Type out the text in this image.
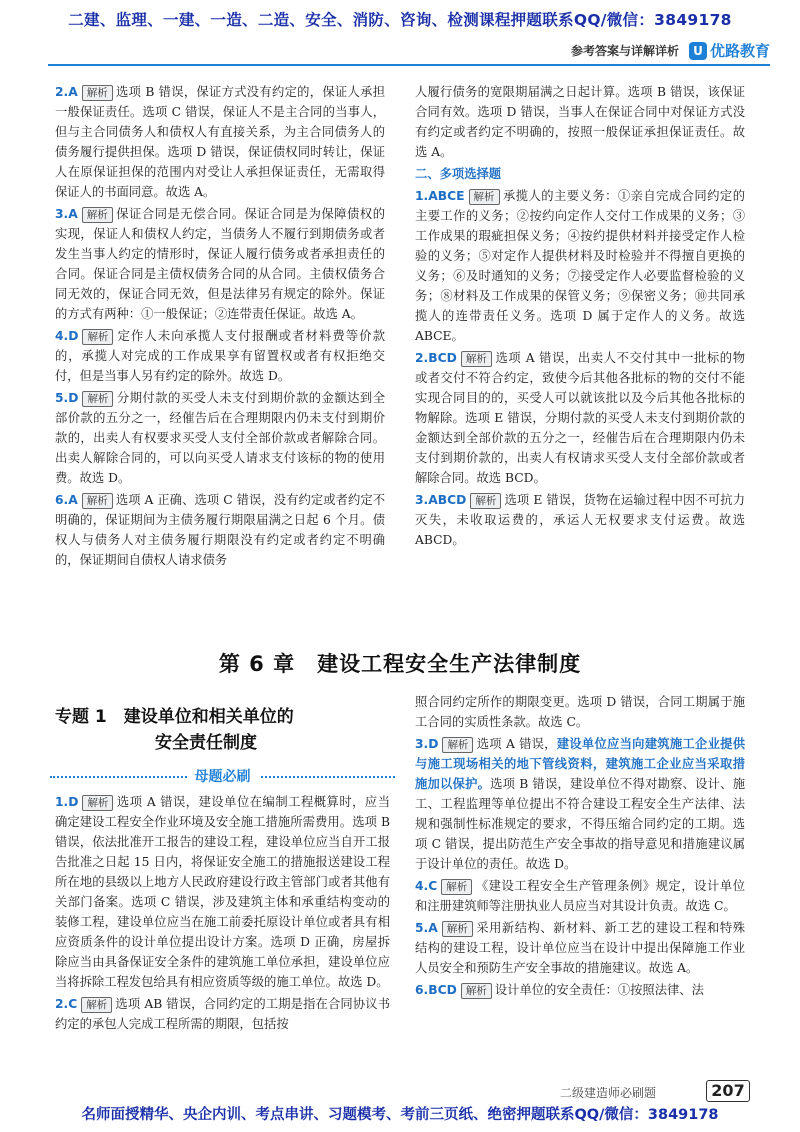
二建、监理、一建、一造、二造、安全、消防、咨询、检测课程押题联系QQ/微信：3849178
参考答案与详解详析	U 优路教育

2.A 解析 选项 B 错误，保证方式没有约定的，保证人承担一般保证责任。选项 C 错误，保证人不是主合同的当事人，但与主合同债务人和债权人有直接关系，为主合同债务人的债务履行提供担保。选项 D 错误，保证债权同时转让，保证人在原保证担保的范围内对受让人承担保证责任，无需取得保证人的书面同意。故选 A。

3.A 解析 保证合同是无偿合同。保证合同是为保障债权的实现，保证人和债权人约定，当债务人不履行到期债务或者发生当事人约定的情形时，保证人履行债务或者承担责任的合同。保证合同是主债权债务合同的从合同。主债权债务合同无效的，保证合同无效，但是法律另有规定的除外。保证的方式有两种：①一般保证；②连带责任保证。故选 A。

4.D 解析 定作人未向承揽人支付报酬或者材料费等价款的，承揽人对完成的工作成果享有留置权或者有权拒绝交付，但是当事人另有约定的除外。故选 D。

5.D 解析 分期付款的买受人未支付到期价款的金额达到全部价款的五分之一，经催告后在合理期限内仍未支付到期价款的，出卖人有权要求买受人支付全部价款或者解除合同。出卖人解除合同的，可以向买受人请求支付该标的物的使用费。故选 D。

6.A 解析 选项 A 正确、选项 C 错误，没有约定或者约定不明确的，保证期间为主债务履行期限届满之日起 6 个月。债权人与债务人对主债务履行期限没有约定或者约定不明确的，保证期间自债权人请求债务

人履行债务的宽限期届满之日起计算。选项 B 错误，该保证合同有效。选项 D 错误，当事人在保证合同中对保证方式没有约定或者约定不明确的，按照一般保证承担保证责任。故选 A。

二、多项选择题

1.ABCE 解析 承揽人的主要义务：①亲自完成合同约定的主要工作的义务；②按约向定作人交付工作成果的义务；③工作成果的瑕疵担保义务；④按约提供材料并接受定作人检验的义务；⑤对定作人提供材料及时检验并不得擅自更换的义务；⑥及时通知的义务；⑦接受定作人必要监督检验的义务；⑧材料及工作成果的保管义务；⑨保密义务；⑩共同承揽人的连带责任义务。选项 D 属于定作人的义务。故选ABCE。

2.BCD 解析 选项 A 错误，出卖人不交付其中一批标的物或者交付不符合约定，致使今后其他各批标的物的交付不能实现合同目的的，买受人可以就该批以及今后其他各批标的物解除。选项 E 错误，分期付款的买受人未支付到期价款的金额达到全部价款的五分之一，经催告后在合理期限内仍未支付到期价款的，出卖人有权请求买受人支付全部价款或者解除合同。故选 BCD。

3.ABCD 解析 选项 E 错误，货物在运输过程中因不可抗力灭失，未收取运费的，承运人无权要求支付运费。故选 ABCD。

第 6 章　建设工程安全生产法律制度
专题 1　建设单位和相关单位的
安全责任制度
母题必刷

1.D 解析 选项 A 错误，建设单位在编制工程概算时，应当确定建设工程安全作业环境及安全施工措施所需费用。选项 B 错误，依法批准开工报告的建设工程，建设单位应当自开工报告批准之日起 15 日内，将保证安全施工的措施报送建设工程所在地的县级以上地方人民政府建设行政主管部门或者其他有关部门备案。选项 C 错误，涉及建筑主体和承重结构变动的装修工程，建设单位应当在施工前委托原设计单位或者具有相应资质条件的设计单位提出设计方案。选项 D 正确，房屋拆除应当由具备保证安全条件的建筑施工单位承担，建设单位应当将拆除工程发包给具有相应资质等级的施工单位。故选 D。

2.C 解析 选项 AB 错误，合同约定的工期是指在合同协议书约定的承包人完成工程所需的期限，包括按

照合同约定所作的期限变更。选项 D 错误，合同工期属于施工合同的实质性条款。故选 C。

3.D 解析 选项 A 错误，建设单位应当向建筑施工企业提供与施工现场相关的地下管线资料，建筑施工企业应当采取措施加以保护。选项 B 错误，建设单位不得对勘察、设计、施工、工程监理等单位提出不符合建设工程安全生产法律、法规和强制性标准规定的要求，不得压缩合同约定的工期。选项 C 错误，提出防范生产安全事故的指导意见和措施建议属于设计单位的责任。故选 D。

4.C 解析 《建设工程安全生产管理条例》规定，设计单位和注册建筑师等注册执业人员应当对其设计负责。故选 C。

5.A 解析 采用新结构、新材料、新工艺的建设工程和特殊结构的建设工程，设计单位应当在设计中提出保障施工作业人员安全和预防生产安全事故的措施建议。故选 A。

6.BCD 解析 设计单位的安全责任：①按照法律、法

二级建造师必刷题	207
名师面授精华、央企内训、考点串讲、习题模考、考前三页纸、绝密押题联系QQ/微信：3849178
